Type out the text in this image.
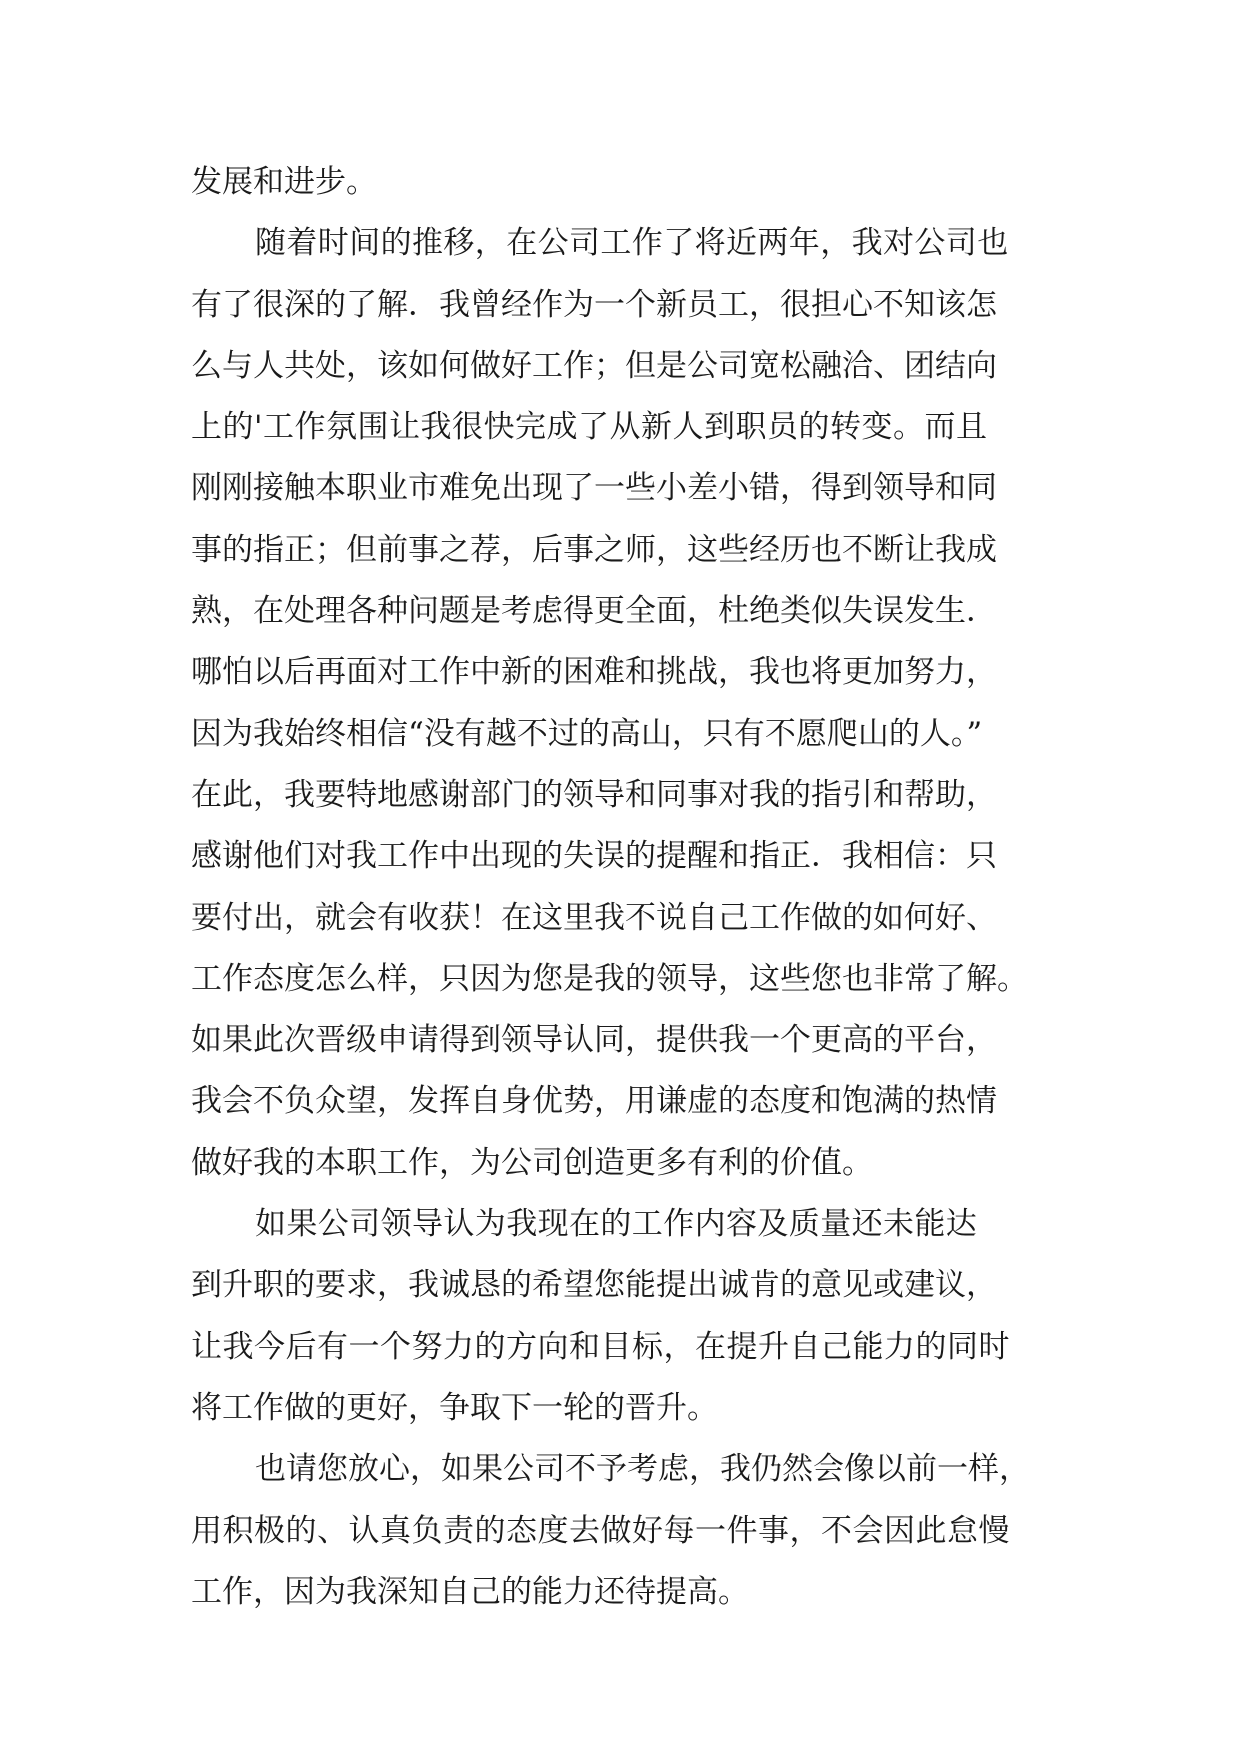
发展和进步。
随着时间的推移，在公司工作了将近两年，我对公司也
有了很深的了解．我曾经作为一个新员工，很担心不知该怎
么与人共处，该如何做好工作；但是公司宽松融洽、团结向
上的'工作氛围让我很快完成了从新人到职员的转变。而且
刚刚接触本职业市难免出现了一些小差小错，得到领导和同
事的指正；但前事之荐，后事之师，这些经历也不断让我成
熟，在处理各种问题是考虑得更全面，杜绝类似失误发生．
哪怕以后再面对工作中新的困难和挑战，我也将更加努力，
因为我始终相信“没有越不过的高山，只有不愿爬山的人。”
在此，我要特地感谢部门的领导和同事对我的指引和帮助，
感谢他们对我工作中出现的失误的提醒和指正．我相信：只
要付出，就会有收获！在这里我不说自己工作做的如何好、
工作态度怎么样，只因为您是我的领导，这些您也非常了解。
如果此次晋级申请得到领导认同，提供我一个更高的平台，
我会不负众望，发挥自身优势，用谦虚的态度和饱满的热情
做好我的本职工作，为公司创造更多有利的价值。
如果公司领导认为我现在的工作内容及质量还未能达
到升职的要求，我诚恳的希望您能提出诚肯的意见或建议，
让我今后有一个努力的方向和目标，在提升自己能力的同时
将工作做的更好，争取下一轮的晋升。
也请您放心，如果公司不予考虑，我仍然会像以前一样，
用积极的、认真负责的态度去做好每一件事，不会因此怠慢
工作，因为我深知自己的能力还待提高。
